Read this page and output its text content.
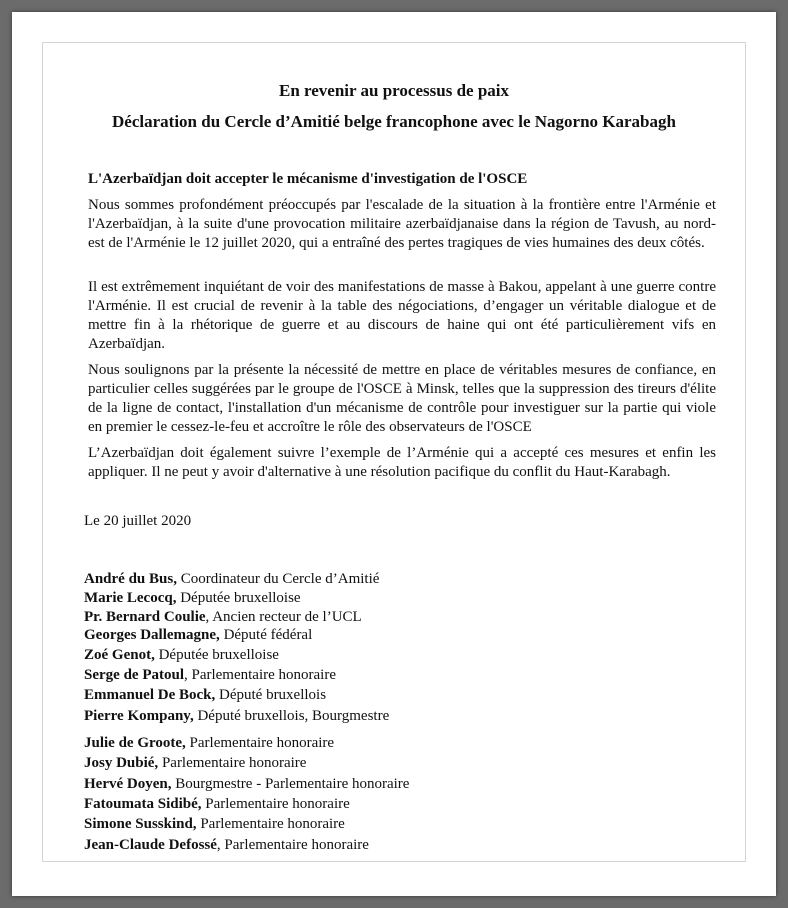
En revenir au processus de paix
Déclaration du Cercle d’Amitié belge francophone avec le Nagorno Karabagh
L'Azerbaïdjan doit accepter le mécanisme d'investigation de l'OSCE

Nous sommes profondément préoccupés par l'escalade de la situation à la frontière entre l'Arménie et l'Azerbaïdjan, à la suite d'une provocation militaire azerbaïdjanaise dans la région de Tavush, au nord-est de l'Arménie le 12 juillet 2020, qui a entraîné des pertes tragiques de vies humaines des deux côtés.

Il est extrêmement inquiétant de voir des manifestations de masse à Bakou, appelant à une guerre contre l'Arménie. Il est crucial de revenir à la table des négociations, d’engager un véritable dialogue et de mettre fin à la rhétorique de guerre et au discours de haine qui ont été particulièrement vifs en Azerbaïdjan.

Nous soulignons par la présente la nécessité de mettre en place de véritables mesures de confiance, en particulier celles suggérées par le groupe de l'OSCE à Minsk, telles que la suppression des tireurs d'élite de la ligne de contact, l'installation d'un mécanisme de contrôle pour investiguer sur la partie qui viole en premier le cessez-le-feu et accroître le rôle des observateurs de l'OSCE

L’Azerbaïdjan doit également suivre l’exemple de l’Arménie qui a accepté ces mesures et enfin les appliquer. Il ne peut y avoir d'alternative à une résolution pacifique du conflit du Haut-Karabagh.

Le 20 juillet 2020

André du Bus, Coordinateur du Cercle d’Amitié
Marie Lecocq, Députée bruxelloise
Pr. Bernard Coulie, Ancien recteur de l’UCL
Georges Dallemagne, Député fédéral
Zoé Genot, Députée bruxelloise
Serge de Patoul, Parlementaire honoraire
Emmanuel De Bock, Député bruxellois
Pierre Kompany, Député bruxellois, Bourgmestre
Julie de Groote, Parlementaire honoraire
Josy Dubié, Parlementaire honoraire
Hervé Doyen, Bourgmestre - Parlementaire honoraire
Fatoumata Sidibé, Parlementaire honoraire
Simone Susskind, Parlementaire honoraire
Jean-Claude Defossé, Parlementaire honoraire
